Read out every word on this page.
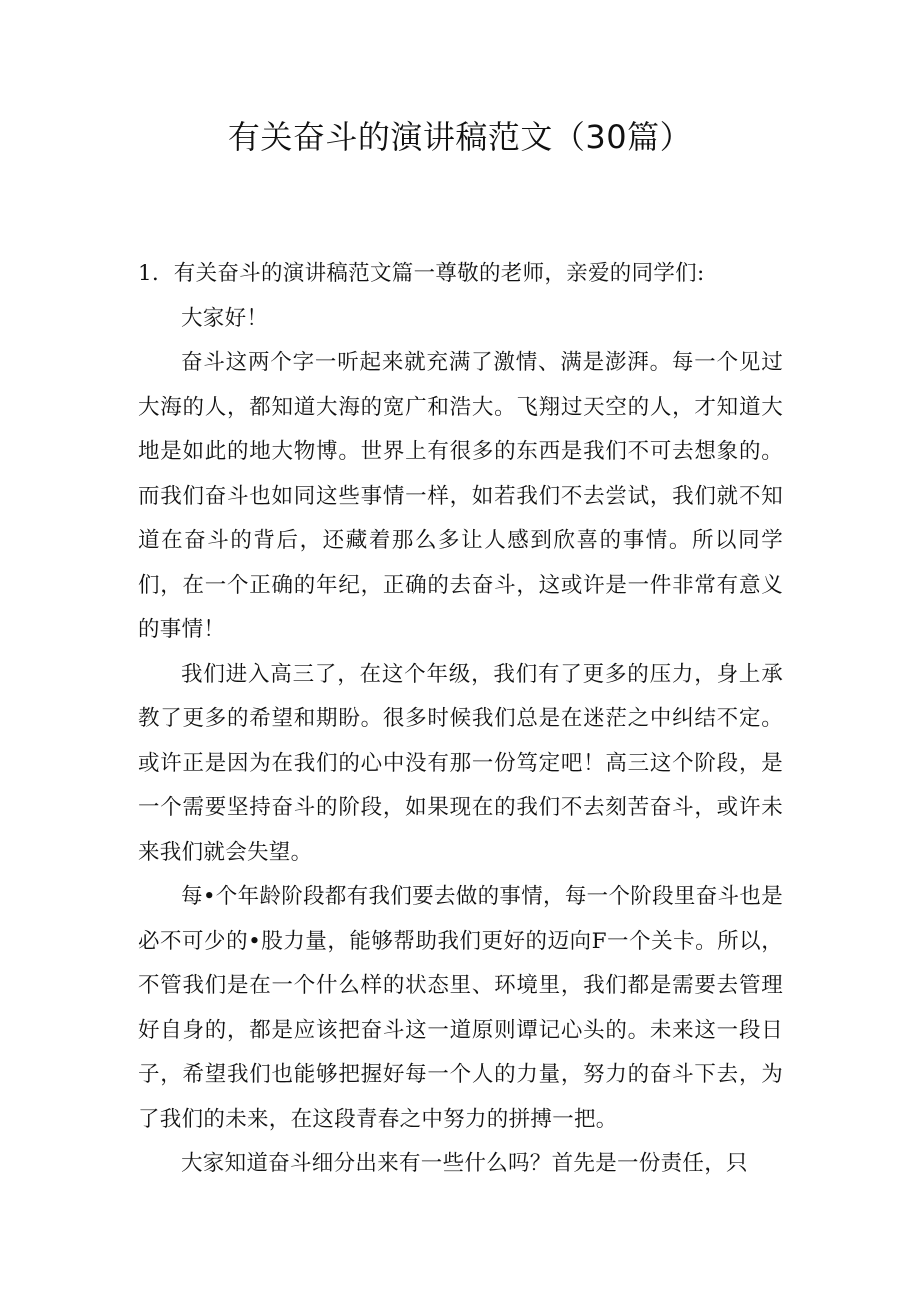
有关奋斗的演讲稿范文（30篇）

1．有关奋斗的演讲稿范文篇一尊敬的老师，亲爱的同学们:

大家好！

奋斗这两个字一听起来就充满了激情、满是澎湃。每一个见过大海的人，都知道大海的宽广和浩大。飞翔过天空的人，才知道大地是如此的地大物博。世界上有很多的东西是我们不可去想象的。而我们奋斗也如同这些事情一样，如若我们不去尝试，我们就不知道在奋斗的背后，还藏着那么多让人感到欣喜的事情。所以同学们，在一个正确的年纪，正确的去奋斗，这或许是一件非常有意义的事情！

我们进入高三了，在这个年级，我们有了更多的压力，身上承教了更多的希望和期盼。很多时候我们总是在迷茫之中纠结不定。或许正是因为在我们的心中没有那一份笃定吧！高三这个阶段，是一个需要坚持奋斗的阶段，如果现在的我们不去刻苦奋斗，或许未来我们就会失望。

每•个年龄阶段都有我们要去做的事情，每一个阶段里奋斗也是必不可少的•股力量，能够帮助我们更好的迈向F一个关卡。所以，不管我们是在一个什么样的状态里、环境里，我们都是需要去管理好自身的，都是应该把奋斗这一道原则谭记心头的。未来这一段日子，希望我们也能够把握好每一个人的力量，努力的奋斗下去，为了我们的未来，在这段青春之中努力的拼搏一把。

大家知道奋斗细分出来有一些什么吗？首先是一份责任，只
